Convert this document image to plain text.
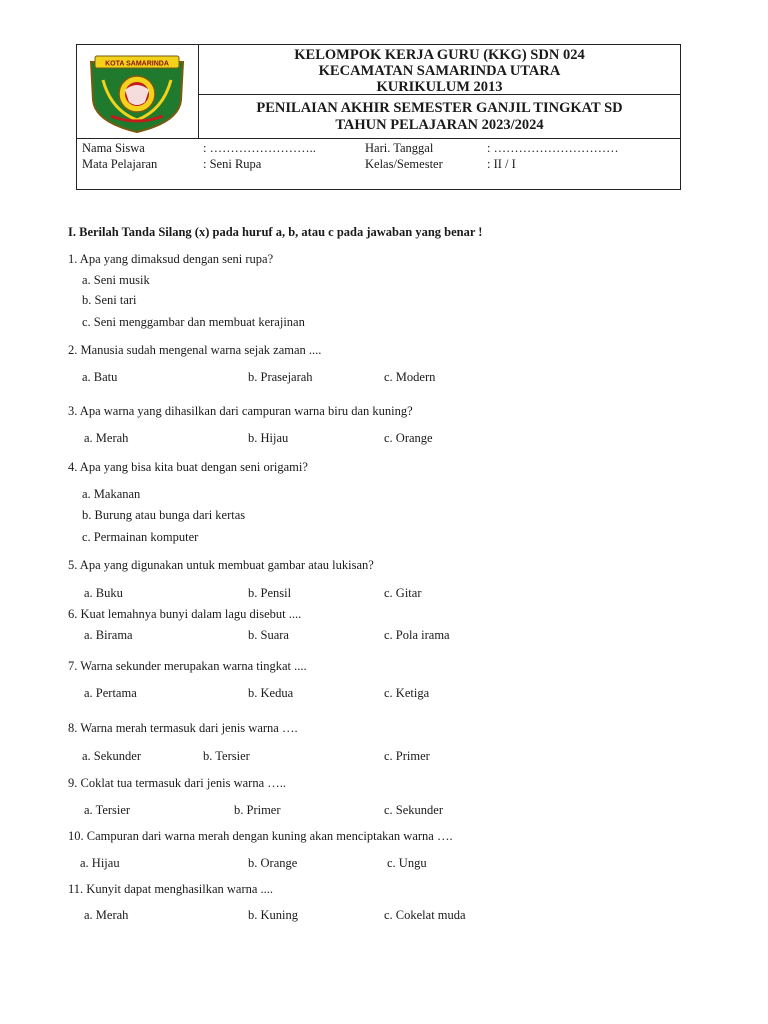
KOTA SAMARINDA
KELOMPOK KERJA GURU (KKG) SDN 024
KECAMATAN SAMARINDA UTARA
KURIKULUM 2013
PENILAIAN AKHIR SEMESTER GANJIL TINGKAT SD
TAHUN PELAJARAN 2023/2024
Nama Siswa	: ……………………..	Hari. Tanggal	: …………………………
Mata Pelajaran	: Seni Rupa	Kelas/Semester	: II / I
I. Berilah Tanda Silang (x) pada huruf a, b, atau c pada jawaban yang benar !
1. Apa yang dimaksud dengan seni rupa?
a. Seni musik
b. Seni tari
c. Seni menggambar dan membuat kerajinan
2. Manusia sudah mengenal warna sejak zaman ....
a. Batu	b. Prasejarah	c. Modern
3. Apa warna yang dihasilkan dari campuran warna biru dan kuning?
a. Merah	b. Hijau	c. Orange
4. Apa yang bisa kita buat dengan seni origami?
a. Makanan
b. Burung atau bunga dari kertas
c. Permainan komputer
5. Apa yang digunakan untuk membuat gambar atau lukisan?
a. Buku	b. Pensil	c. Gitar
6. Kuat lemahnya bunyi dalam lagu disebut ....
a. Birama	b. Suara	c. Pola irama
7. Warna sekunder merupakan warna tingkat ....
a. Pertama	b. Kedua	c. Ketiga
8. Warna merah termasuk dari jenis warna ….
a. Sekunder	b. Tersier	c. Primer
9. Coklat tua termasuk dari jenis warna …..
a. Tersier	b. Primer	c. Sekunder
10. Campuran dari warna merah dengan kuning akan menciptakan warna ….
a. Hijau	b. Orange	c. Ungu
11. Kunyit dapat menghasilkan warna ....
a. Merah	b. Kuning	c. Cokelat muda
